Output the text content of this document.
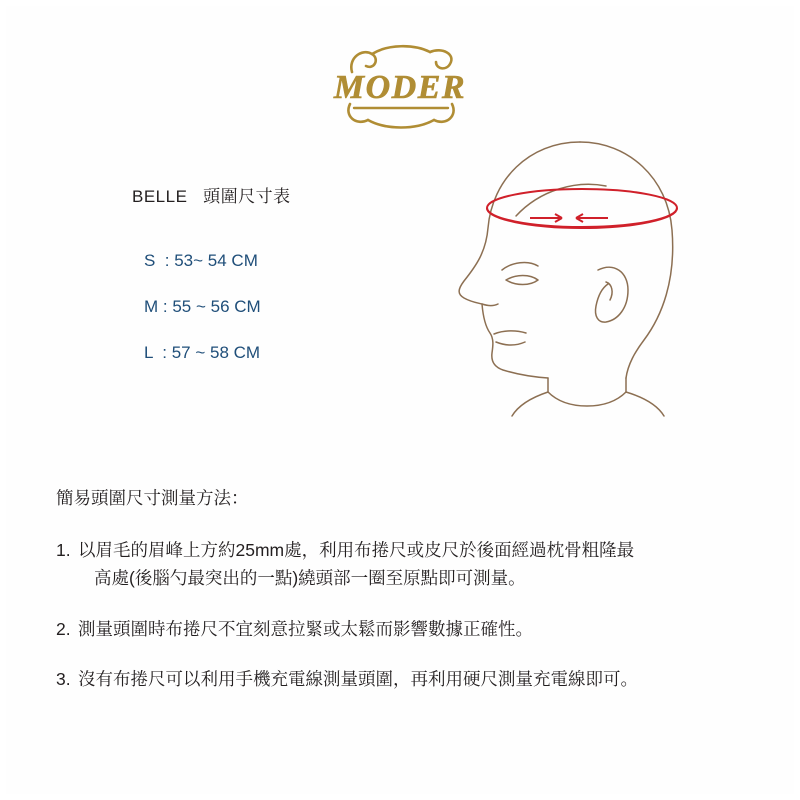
MODER
BELLE   頭圍尺寸表
S  : 53~ 54 CM
M : 55 ~ 56 CM
L  : 57 ~ 58 CM
簡易頭圍尺寸測量方法：
1. 以眉毛的眉峰上方約25mm處，利用布捲尺或皮尺於後面經過枕骨粗隆最
高處(後腦勺最突出的一點)繞頭部一圈至原點即可測量。
2. 測量頭圍時布捲尺不宜刻意拉緊或太鬆而影響數據正確性。
3. 沒有布捲尺可以利用手機充電線測量頭圍，再利用硬尺測量充電線即可。
